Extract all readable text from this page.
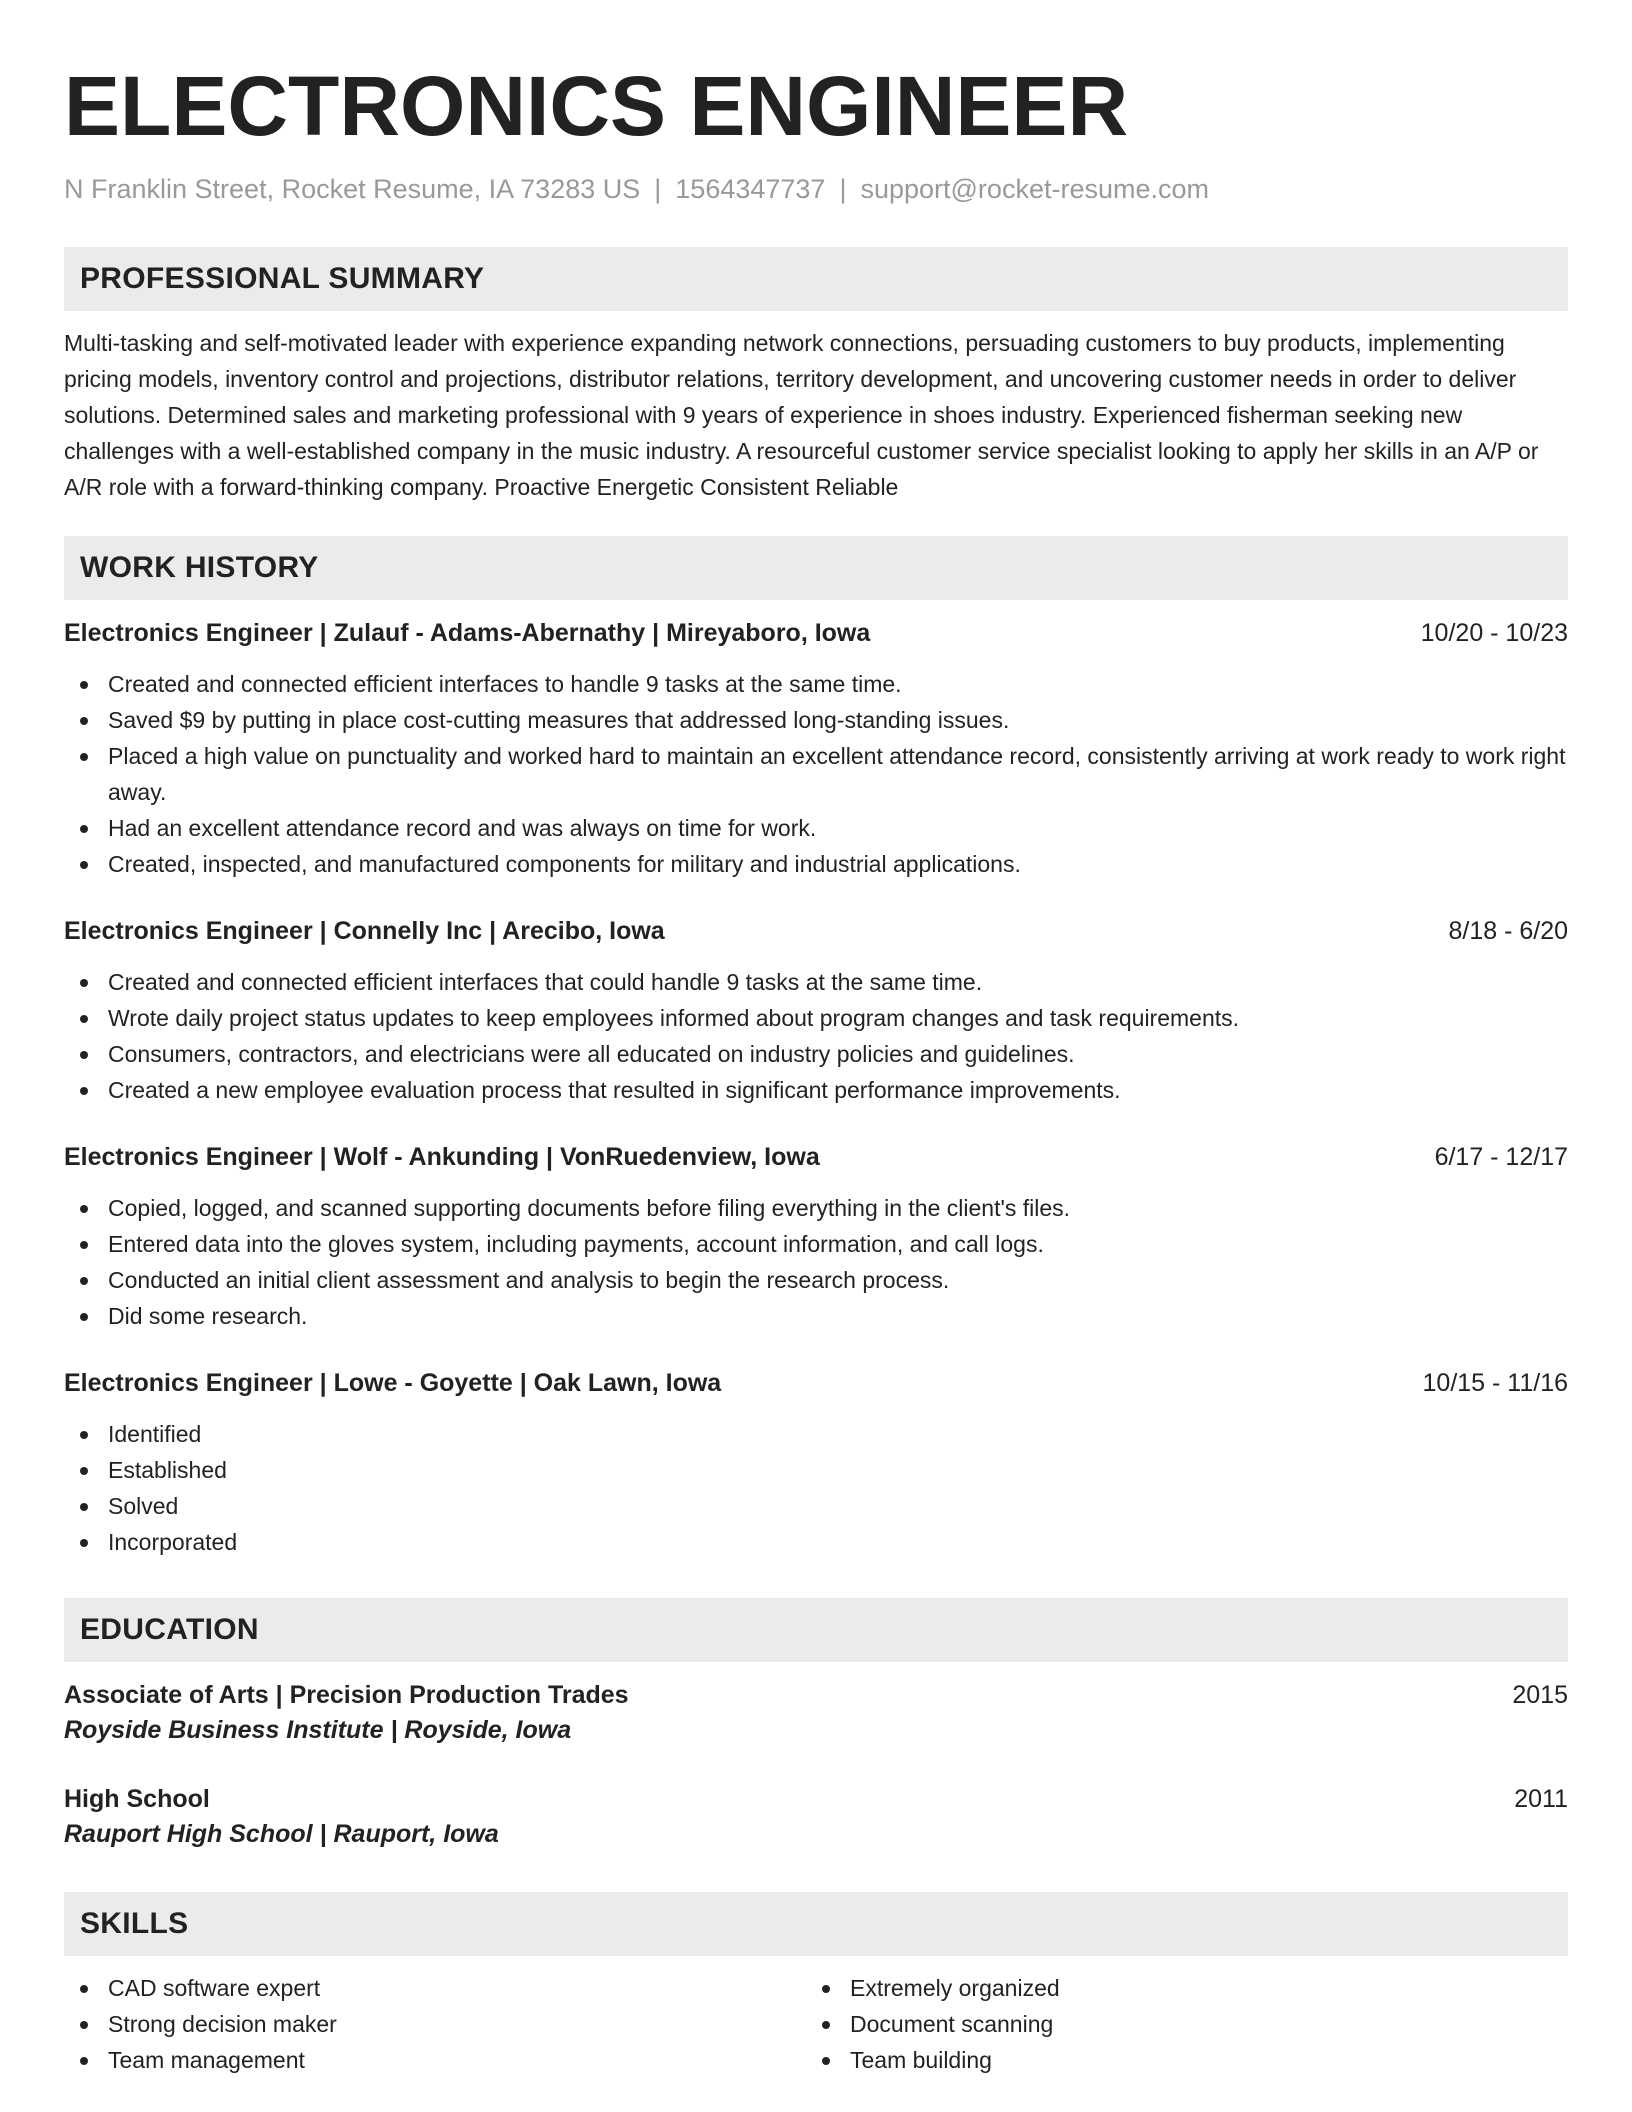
ELECTRONICS ENGINEER
N Franklin Street, Rocket Resume, IA 73283 US | 1564347737 | support@rocket-resume.com
PROFESSIONAL SUMMARY
Multi-tasking and self-motivated leader with experience expanding network connections, persuading customers to buy products, implementing pricing models, inventory control and projections, distributor relations, territory development, and uncovering customer needs in order to deliver solutions. Determined sales and marketing professional with 9 years of experience in shoes industry. Experienced fisherman seeking new challenges with a well-established company in the music industry. A resourceful customer service specialist looking to apply her skills in an A/P or A/R role with a forward-thinking company. Proactive Energetic Consistent Reliable
WORK HISTORY
Electronics Engineer | Zulauf - Adams-Abernathy | Mireyaboro, Iowa	10/20 - 10/23
Created and connected efficient interfaces to handle 9 tasks at the same time.
Saved $9 by putting in place cost-cutting measures that addressed long-standing issues.
Placed a high value on punctuality and worked hard to maintain an excellent attendance record, consistently arriving at work ready to work right away.
Had an excellent attendance record and was always on time for work.
Created, inspected, and manufactured components for military and industrial applications.
Electronics Engineer | Connelly Inc | Arecibo, Iowa	8/18 - 6/20
Created and connected efficient interfaces that could handle 9 tasks at the same time.
Wrote daily project status updates to keep employees informed about program changes and task requirements.
Consumers, contractors, and electricians were all educated on industry policies and guidelines.
Created a new employee evaluation process that resulted in significant performance improvements.
Electronics Engineer | Wolf - Ankunding | VonRuedenview, Iowa	6/17 - 12/17
Copied, logged, and scanned supporting documents before filing everything in the client's files.
Entered data into the gloves system, including payments, account information, and call logs.
Conducted an initial client assessment and analysis to begin the research process.
Did some research.
Electronics Engineer | Lowe - Goyette | Oak Lawn, Iowa	10/15 - 11/16
Identified
Established
Solved
Incorporated
EDUCATION
Associate of Arts | Precision Production Trades	2015
Royside Business Institute | Royside, Iowa
High School	2011
Rauport High School | Rauport, Iowa
SKILLS
CAD software expert
Strong decision maker
Team management
Extremely organized
Document scanning
Team building
